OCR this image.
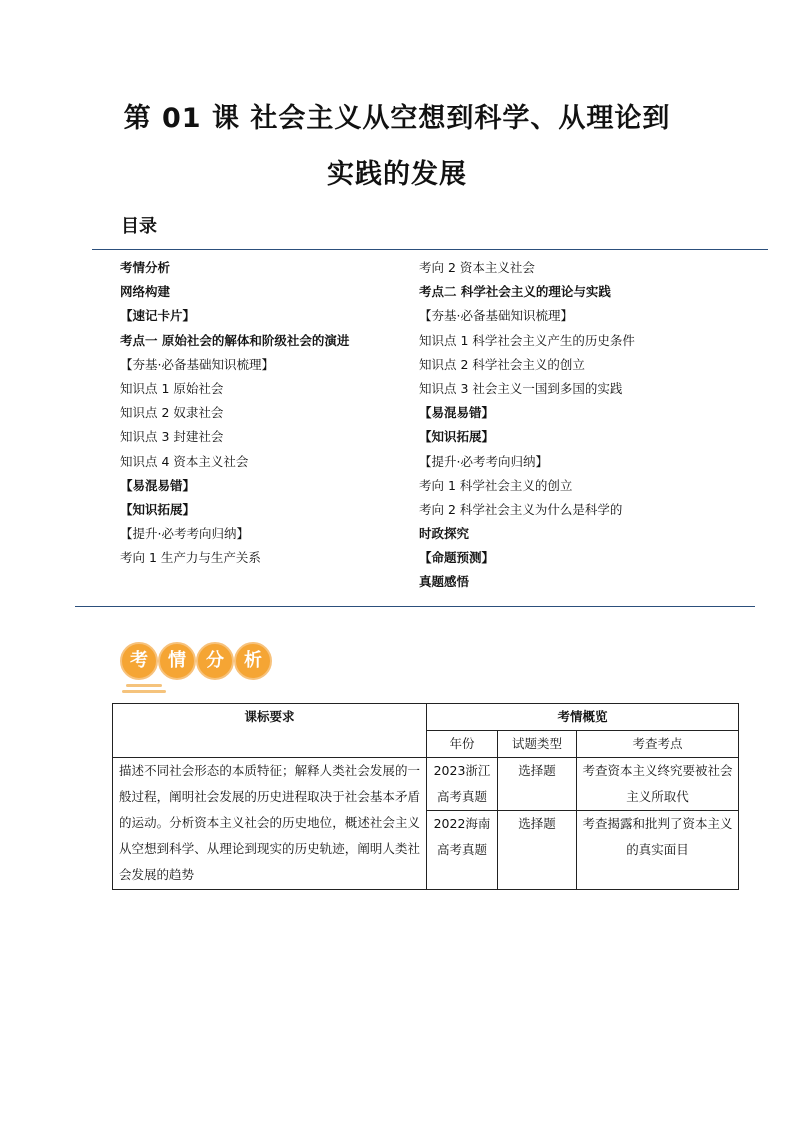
第 01 课 社会主义从空想到科学、从理论到
实践的发展
目录
考情分析
网络构建
【速记卡片】
考点一 原始社会的解体和阶级社会的演进
【夯基·必备基础知识梳理】
知识点 1 原始社会
知识点 2 奴隶社会
知识点 3 封建社会
知识点 4 资本主义社会
【易混易错】
【知识拓展】
【提升·必考考向归纳】
考向 1 生产力与生产关系
考向 2 资本主义社会
考点二 科学社会主义的理论与实践
【夯基·必备基础知识梳理】
知识点 1 科学社会主义产生的历史条件
知识点 2 科学社会主义的创立
知识点 3 社会主义一国到多国的实践
【易混易错】
【知识拓展】
【提升·必考考向归纳】
考向 1 科学社会主义的创立
考向 2 科学社会主义为什么是科学的
时政探究
【命题预测】
真题感悟
考	情	分	析
课标要求	考情概览		
	年份	试题类型	考查考点

描述不同社会形态的本质特征；解释人类社会发展的一般过程，阐明社会发展的历史进程取决于社会基本矛盾的运动。分析资本主义社会的历史地位，概述社会主义从空想到科学、从理论到现实的历史轨迹，阐明人类社会发展的趋势	2023浙江高考真题	选择题	考查资本主义终究要被社会主义所取代

	2022海南高考真题	选择题	考查揭露和批判了资本主义的真实面目
